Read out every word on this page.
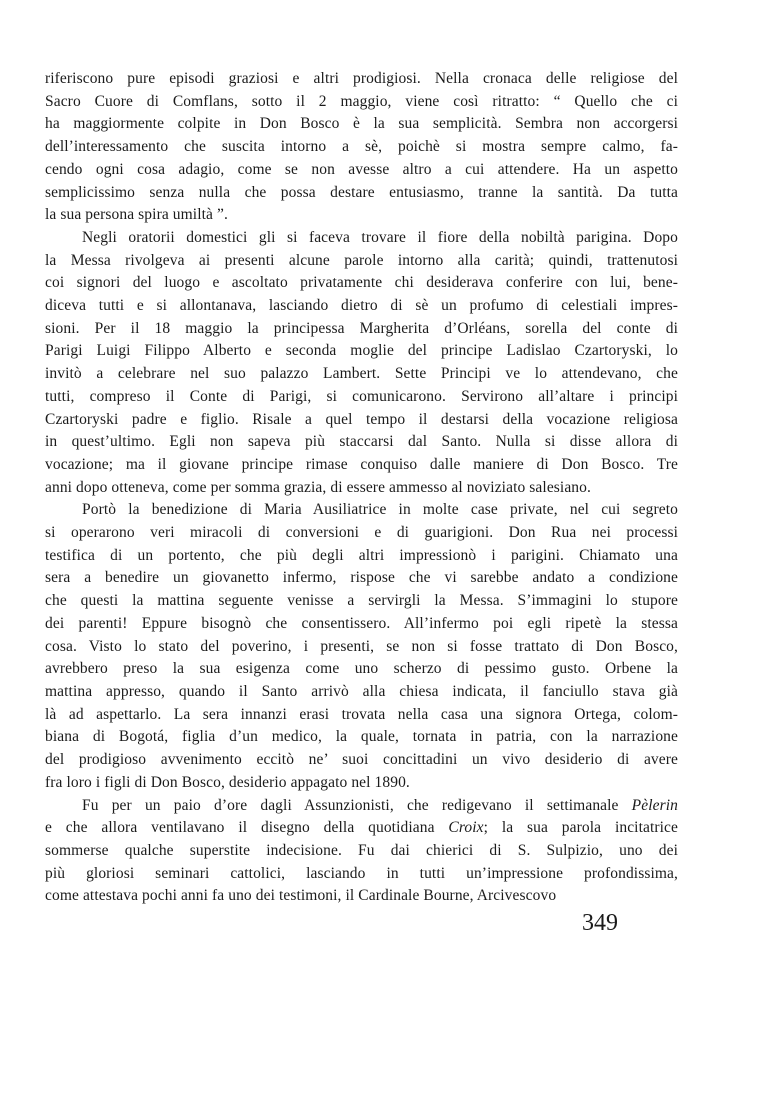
riferiscono pure episodi graziosi e altri prodigiosi. Nella cronaca delle religiose del
Sacro Cuore di Comflans, sotto il 2 maggio, viene così ritratto: “ Quello che ci
ha maggiormente colpite in Don Bosco è la sua semplicità. Sembra non accorgersi
dell’interessamento che suscita intorno a sè, poichè si mostra sempre calmo, fa-
cendo ogni cosa adagio, come se non avesse altro a cui attendere. Ha un aspetto
semplicissimo senza nulla che possa destare entusiasmo, tranne la santità. Da tutta
la sua persona spira umiltà ”.
Negli oratorii domestici gli si faceva trovare il fiore della nobiltà parigina. Dopo
la Messa rivolgeva ai presenti alcune parole intorno alla carità; quindi, trattenutosi
coi signori del luogo e ascoltato privatamente chi desiderava conferire con lui, bene-
diceva tutti e si allontanava, lasciando dietro di sè un profumo di celestiali impres-
sioni. Per il 18 maggio la principessa Margherita d’Orléans, sorella del conte di
Parigi Luigi Filippo Alberto e seconda moglie del principe Ladislao Czartoryski, lo
invitò a celebrare nel suo palazzo Lambert. Sette Principi ve lo attendevano, che
tutti, compreso il Conte di Parigi, si comunicarono. Servirono all’altare i principi
Czartoryski padre e figlio. Risale a quel tempo il destarsi della vocazione religiosa
in quest’ultimo. Egli non sapeva più staccarsi dal Santo. Nulla si disse allora di
vocazione; ma il giovane principe rimase conquiso dalle maniere di Don Bosco. Tre
anni dopo otteneva, come per somma grazia, di essere ammesso al noviziato salesiano.
Portò la benedizione di Maria Ausiliatrice in molte case private, nel cui segreto
si operarono veri miracoli di conversioni e di guarigioni. Don Rua nei processi
testifica di un portento, che più degli altri impressionò i parigini. Chiamato una
sera a benedire un giovanetto infermo, rispose che vi sarebbe andato a condizione
che questi la mattina seguente venisse a servirgli la Messa. S’immagini lo stupore
dei parenti! Eppure bisognò che consentissero. All’infermo poi egli ripetè la stessa
cosa. Visto lo stato del poverino, i presenti, se non si fosse trattato di Don Bosco,
avrebbero preso la sua esigenza come uno scherzo di pessimo gusto. Orbene la
mattina appresso, quando il Santo arrivò alla chiesa indicata, il fanciullo stava già
là ad aspettarlo. La sera innanzi erasi trovata nella casa una signora Ortega, colom-
biana di Bogotá, figlia d’un medico, la quale, tornata in patria, con la narrazione
del prodigioso avvenimento eccitò ne’ suoi concittadini un vivo desiderio di avere
fra loro i figli di Don Bosco, desiderio appagato nel 1890.
Fu per un paio d’ore dagli Assunzionisti, che redigevano il settimanale Pèlerin
e che allora ventilavano il disegno della quotidiana Croix; la sua parola incitatrice
sommerse qualche superstite indecisione. Fu dai chierici di S. Sulpizio, uno dei
più gloriosi seminari cattolici, lasciando in tutti un’impressione profondissima,
come attestava pochi anni fa uno dei testimoni, il Cardinale Bourne, Arcivescovo
349
